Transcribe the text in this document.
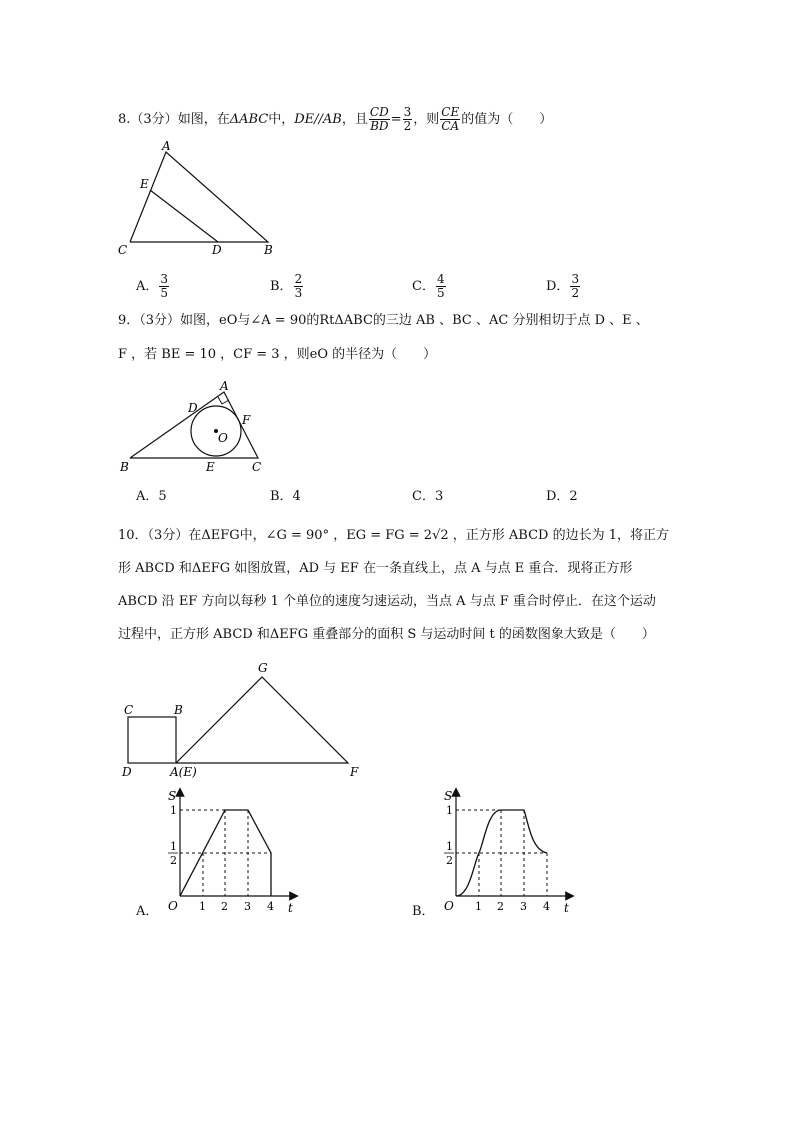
8.（3分）如图，在ΔABC中，DE//AB，且 $\frac{CD}{BD} = \frac{3}{2}$ ，则 $\frac{CE}{CA}$ 的值为（　　）
A
E
C	D	B
A． $\frac{3}{5}$	B． $\frac{2}{3}$	C． $\frac{4}{5}$	D． $\frac{3}{2}$
9．（3分）如图，eO与∠A = 90的RtΔABC的三边 AB 、BC 、AC 分别相切于点 D 、E 、
F ，若 BE = 10 ，CF = 3 ，则eO 的半径为（　　）
A
D
F
O
B	E	C
A．5	B．4	C．3	D．2
10．（3分）在ΔEFG中，∠G = 90° ，EG = FG = 2√2 ，正方形 ABCD 的边长为 1，将正方
形 ABCD 和ΔEFG 如图放置，AD 与 EF 在一条直线上，点 A 与点 E 重合．现将正方形
ABCD 沿 EF 方向以每秒 1 个单位的速度匀速运动，当点 A 与点 F 重合时停止．在这个运动
过程中，正方形 ABCD 和ΔEFG 重叠部分的面积 S 与运动时间 t 的函数图象大致是（　　）
G
C	B
D	A(E)	F
A．
S
t
O
1
1
2
1 2 3 4	B．
S
t
O
1
1
2
1 2 3 4
